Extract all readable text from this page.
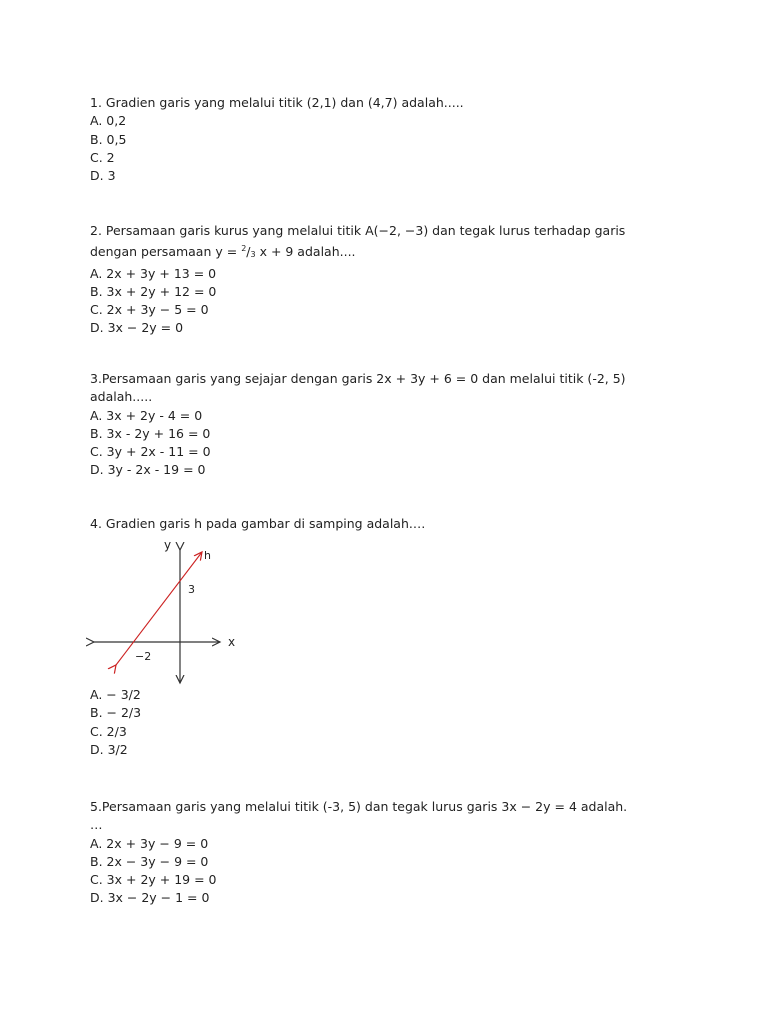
1. Gradien garis yang melalui titik (2,1) dan (4,7) adalah.....

A. 0,2

B. 0,5

C. 2

D. 3

2. Persamaan garis kurus yang melalui titik A(−2, −3) dan tegak lurus terhadap garis

dengan persamaan y = $^2$/3 x + 9 adalah....

A. 2x + 3y + 13 = 0

B. 3x + 2y + 12 = 0

C. 2x + 3y − 5 = 0

D. 3x − 2y = 0

3.Persamaan garis yang sejajar dengan garis 2x + 3y + 6 = 0 dan melalui titik (-2, 5)

adalah.....

A. 3x + 2y - 4 = 0

B. 3x - 2y + 16 = 0

C. 3y + 2x - 11 = 0

D. 3y - 2x - 19 = 0

4. Gradien garis h pada gambar di samping adalah.…

y
x
h
3
−2

A. − 3/2

B. − 2/3

C. 2/3

D. 3/2

5.Persamaan garis yang melalui titik (-3, 5) dan tegak lurus garis 3x − 2y = 4 adalah.

…

A. 2x + 3y − 9 = 0

B. 2x − 3y − 9 = 0

C. 3x + 2y + 19 = 0

D. 3x − 2y − 1 = 0
